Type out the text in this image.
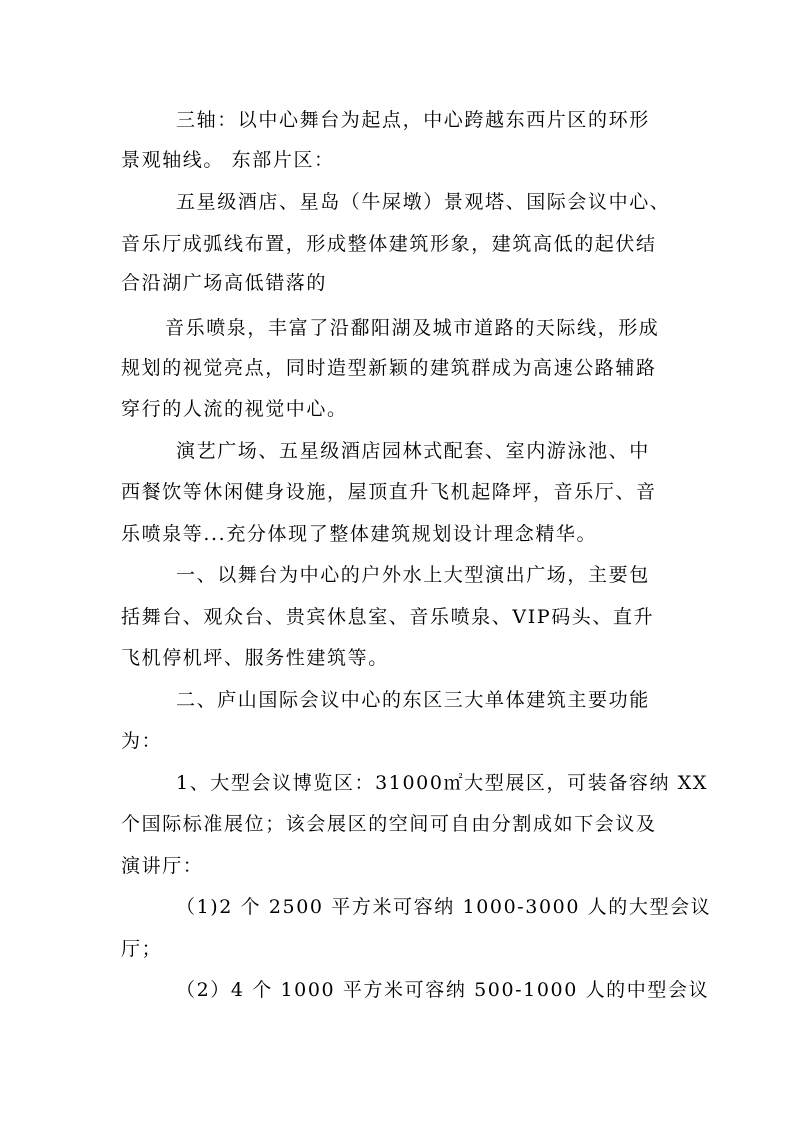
三轴：以中心舞台为起点，中心跨越东西片区的环形
景观轴线。 东部片区：
五星级酒店、星岛（牛屎墩）景观塔、国际会议中心、
音乐厅成弧线布置，形成整体建筑形象，建筑高低的起伏结
合沿湖广场高低错落的
音乐喷泉，丰富了沿鄱阳湖及城市道路的天际线，形成
规划的视觉亮点，同时造型新颖的建筑群成为高速公路辅路
穿行的人流的视觉中心。
演艺广场、五星级酒店园林式配套、室内游泳池、中
西餐饮等休闲健身设施，屋顶直升飞机起降坪，音乐厅、音
乐喷泉等...充分体现了整体建筑规划设计理念精华。
一、以舞台为中心的户外水上大型演出广场，主要包
括舞台、观众台、贵宾休息室、音乐喷泉、VIP码头、直升
飞机停机坪、服务性建筑等。
二、庐山国际会议中心的东区三大单体建筑主要功能
为：
1、大型会议博览区：31000㎡大型展区，可装备容纳 XX
个国际标准展位；该会展区的空间可自由分割成如下会议及
演讲厅：
（1)2 个 2500 平方米可容纳 1000-3000 人的大型会议
厅；
（2）4 个 1000 平方米可容纳 500-1000 人的中型会议
